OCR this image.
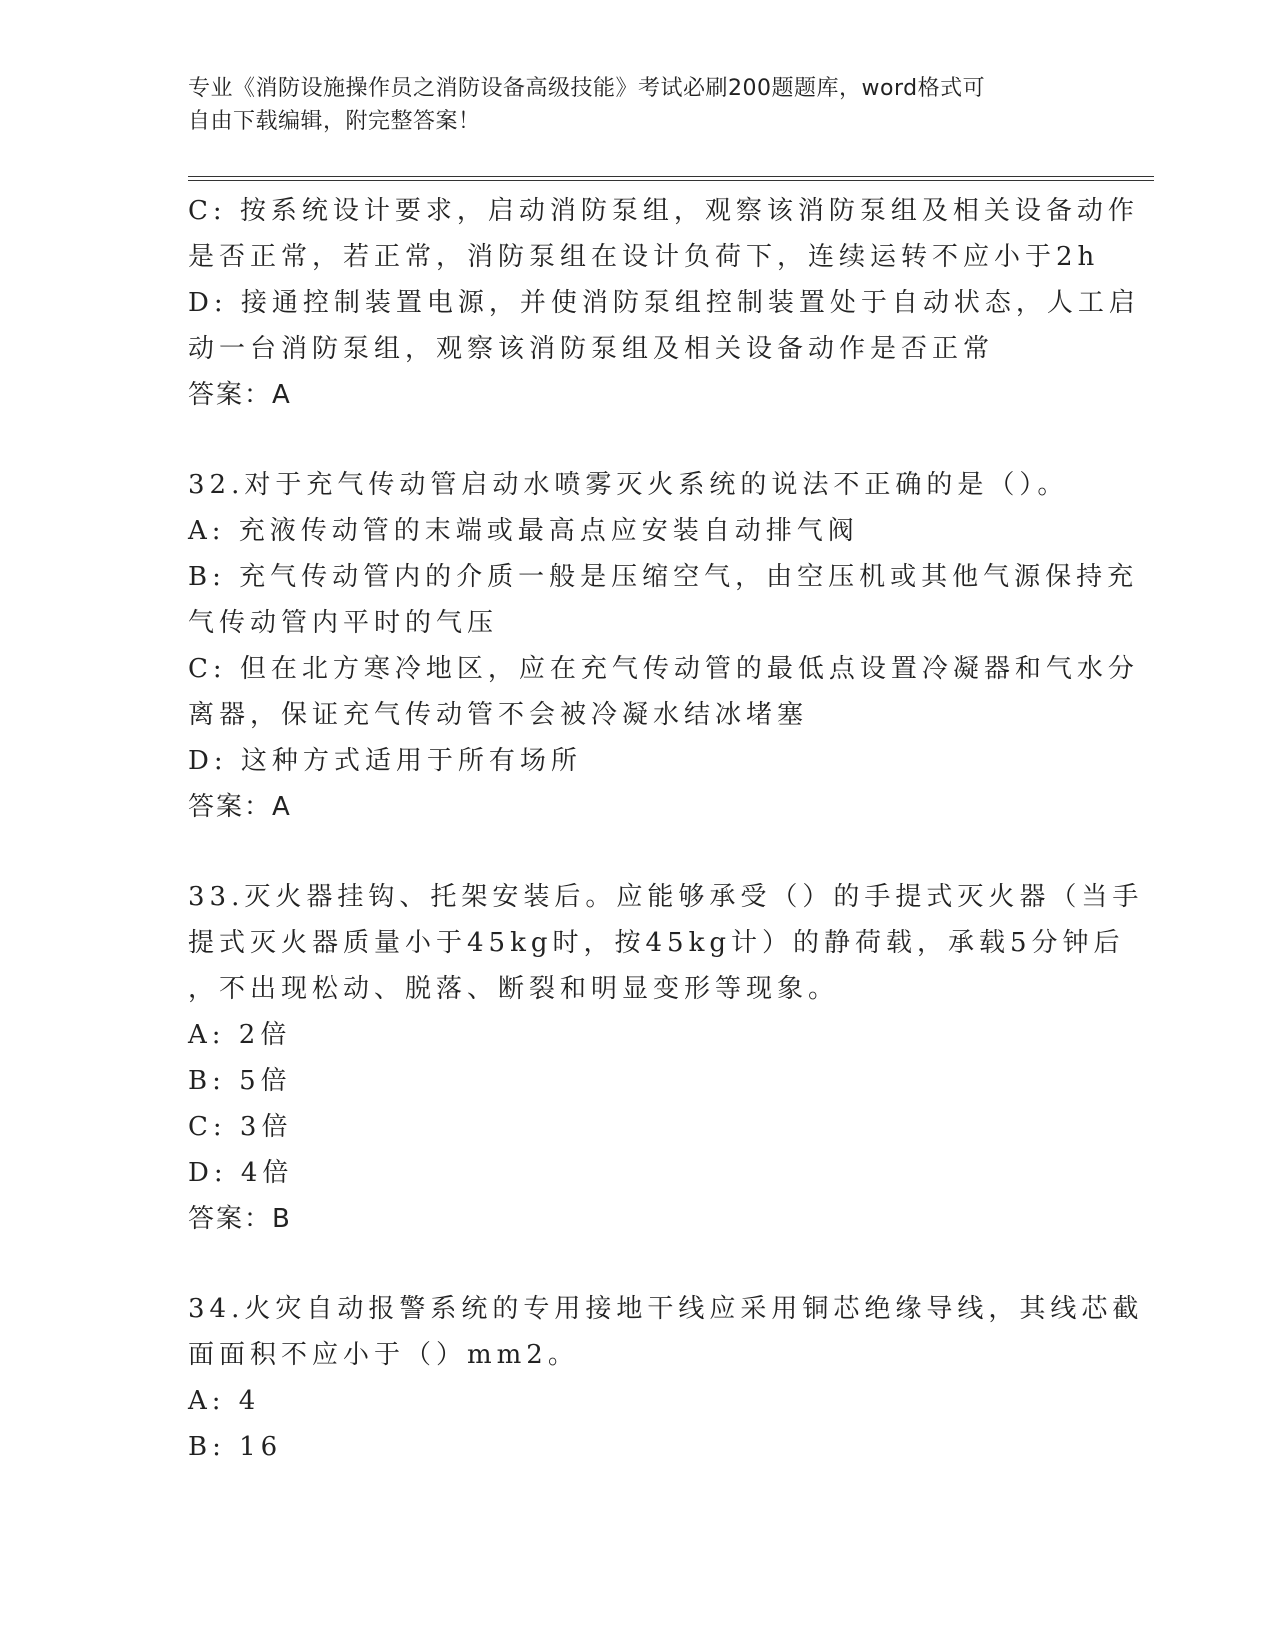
专业《消防设施操作员之消防设备高级技能》考试必刷200题题库，word格式可
自由下载编辑，附完整答案！
C: 按系统设计要求，启动消防泵组，观察该消防泵组及相关设备动作
是否正常，若正常，消防泵组在设计负荷下，连续运转不应小于2h
D: 接通控制装置电源，并使消防泵组控制装置处于自动状态，人工启
动一台消防泵组，观察该消防泵组及相关设备动作是否正常
答案：A
32.对于充气传动管启动水喷雾灭火系统的说法不正确的是（）。
A: 充液传动管的末端或最高点应安装自动排气阀
B: 充气传动管内的介质一般是压缩空气，由空压机或其他气源保持充
气传动管内平时的气压
C: 但在北方寒冷地区，应在充气传动管的最低点设置冷凝器和气水分
离器，保证充气传动管不会被冷凝水结冰堵塞
D: 这种方式适用于所有场所
答案：A
33.灭火器挂钩、托架安装后。应能够承受（）的手提式灭火器（当手
提式灭火器质量小于45kg时，按45kg计）的静荷载，承载5分钟后
，不出现松动、脱落、断裂和明显变形等现象。
A: 2倍
B: 5倍
C: 3倍
D: 4倍
答案：B
34.火灾自动报警系统的专用接地干线应采用铜芯绝缘导线，其线芯截
面面积不应小于（）mm2。
A: 4
B: 16
